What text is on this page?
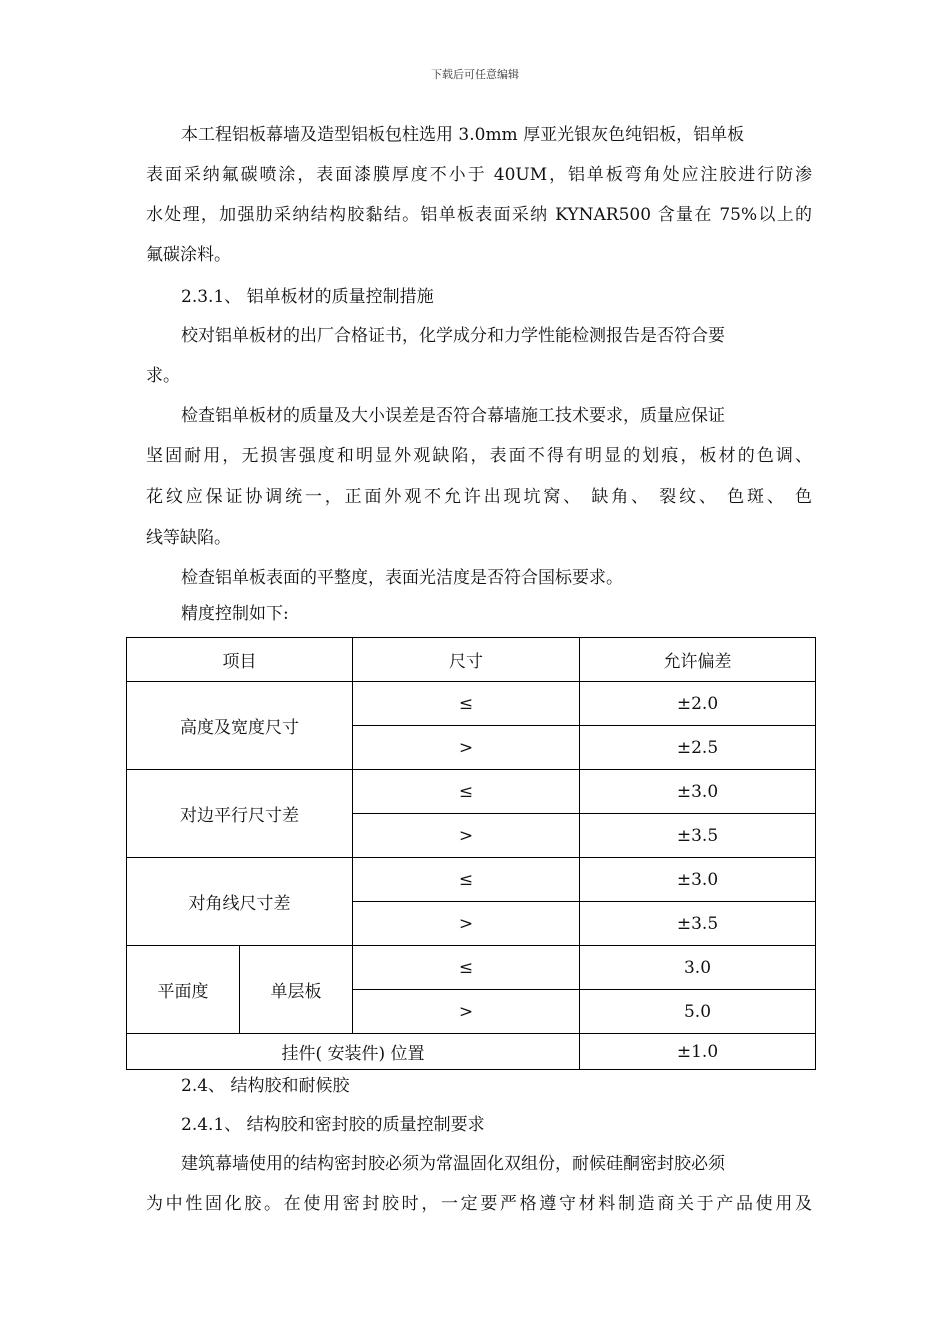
下载后可任意编辑
本工程铝板幕墙及造型铝板包柱选用 3.0mm 厚亚光银灰色纯铝板，铝单板
表面采纳氟碳喷涂，表面漆膜厚度不小于 40UM，铝单板弯角处应注胶进行防渗
水处理，加强肋采纳结构胶黏结。铝单板表面采纳 KYNAR500 含量在 75%以上的
氟碳涂料。
2.3.1、 铝单板材的质量控制措施
校对铝单板材的出厂合格证书，化学成分和力学性能检测报告是否符合要
求。
检查铝单板材的质量及大小误差是否符合幕墙施工技术要求，质量应保证
坚固耐用，无损害强度和明显外观缺陷，表面不得有明显的划痕，板材的色调、
花纹应保证协调统一，正面外观不允许出现坑窝、 缺角、 裂纹、 色斑、 色
线等缺陷。
检查铝单板表面的平整度，表面光洁度是否符合国标要求。
精度控制如下:
项目		尺寸	允许偏差
高度及宽度尺寸		≤	±2.0
		>	±2.5
对边平行尺寸差		≤	±3.0
		>	±3.5
对角线尺寸差		≤	±3.0
		>	±3.5
平面度	单层板	≤	3.0
		>	5.0
挂件( 安装件) 位置			±1.0
2.4、 结构胶和耐候胶
2.4.1、 结构胶和密封胶的质量控制要求
建筑幕墙使用的结构密封胶必须为常温固化双组份，耐候硅酮密封胶必须
为中性固化胶。在使用密封胶时，一定要严格遵守材料制造商关于产品使用及
